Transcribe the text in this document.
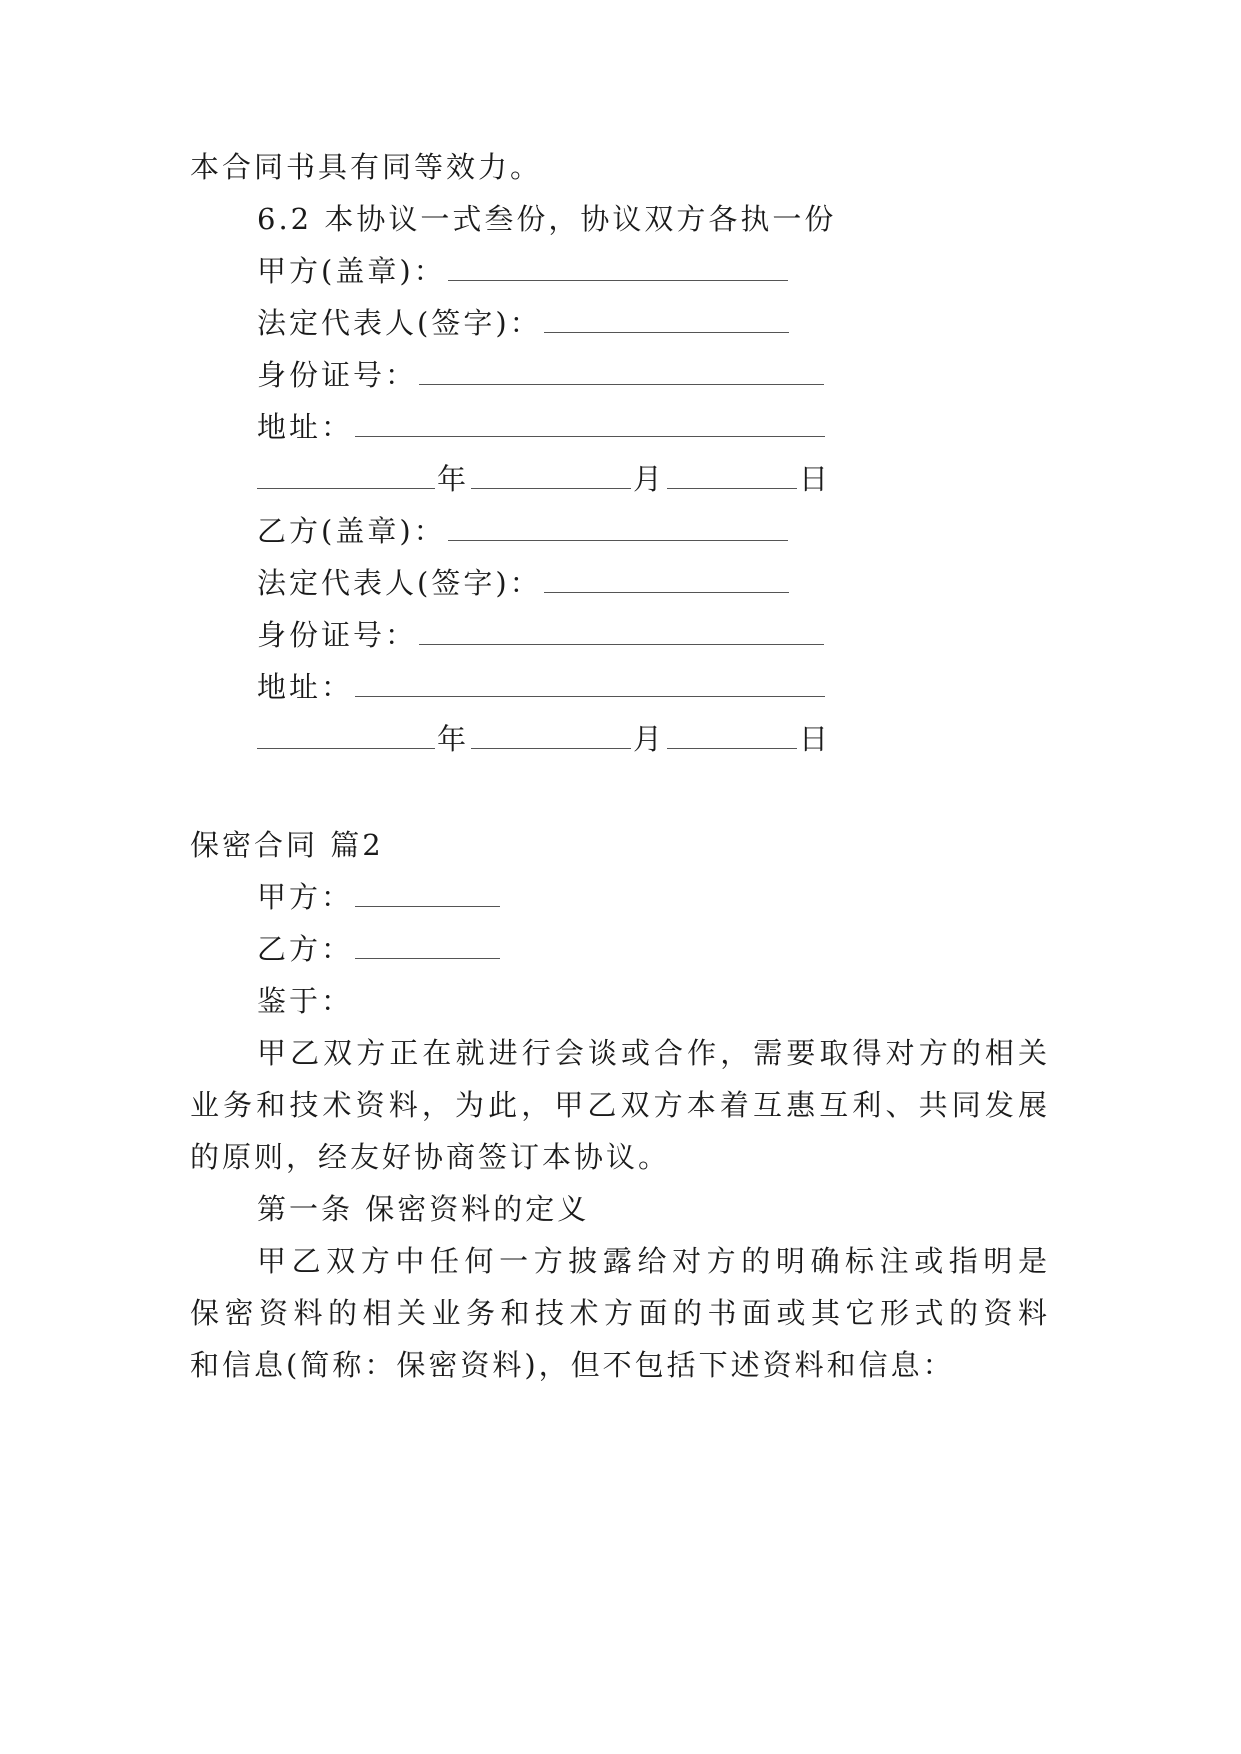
本合同书具有同等效力。
6.2 本协议一式叁份，协议双方各执一份
甲方(盖章)：
法定代表人(签字)：
身份证号：
地址：
年	月	日
乙方(盖章)：
法定代表人(签字)：
身份证号：
地址：
年	月	日
保密合同 篇2
甲方：
乙方：
鉴于：
甲乙双方正在就进行会谈或合作，需要取得对方的相关
业务和技术资料，为此，甲乙双方本着互惠互利、共同发展
的原则，经友好协商签订本协议。
第一条 保密资料的定义
甲乙双方中任何一方披露给对方的明确标注或指明是
保密资料的相关业务和技术方面的书面或其它形式的资料
和信息(简称：保密资料)，但不包括下述资料和信息：
